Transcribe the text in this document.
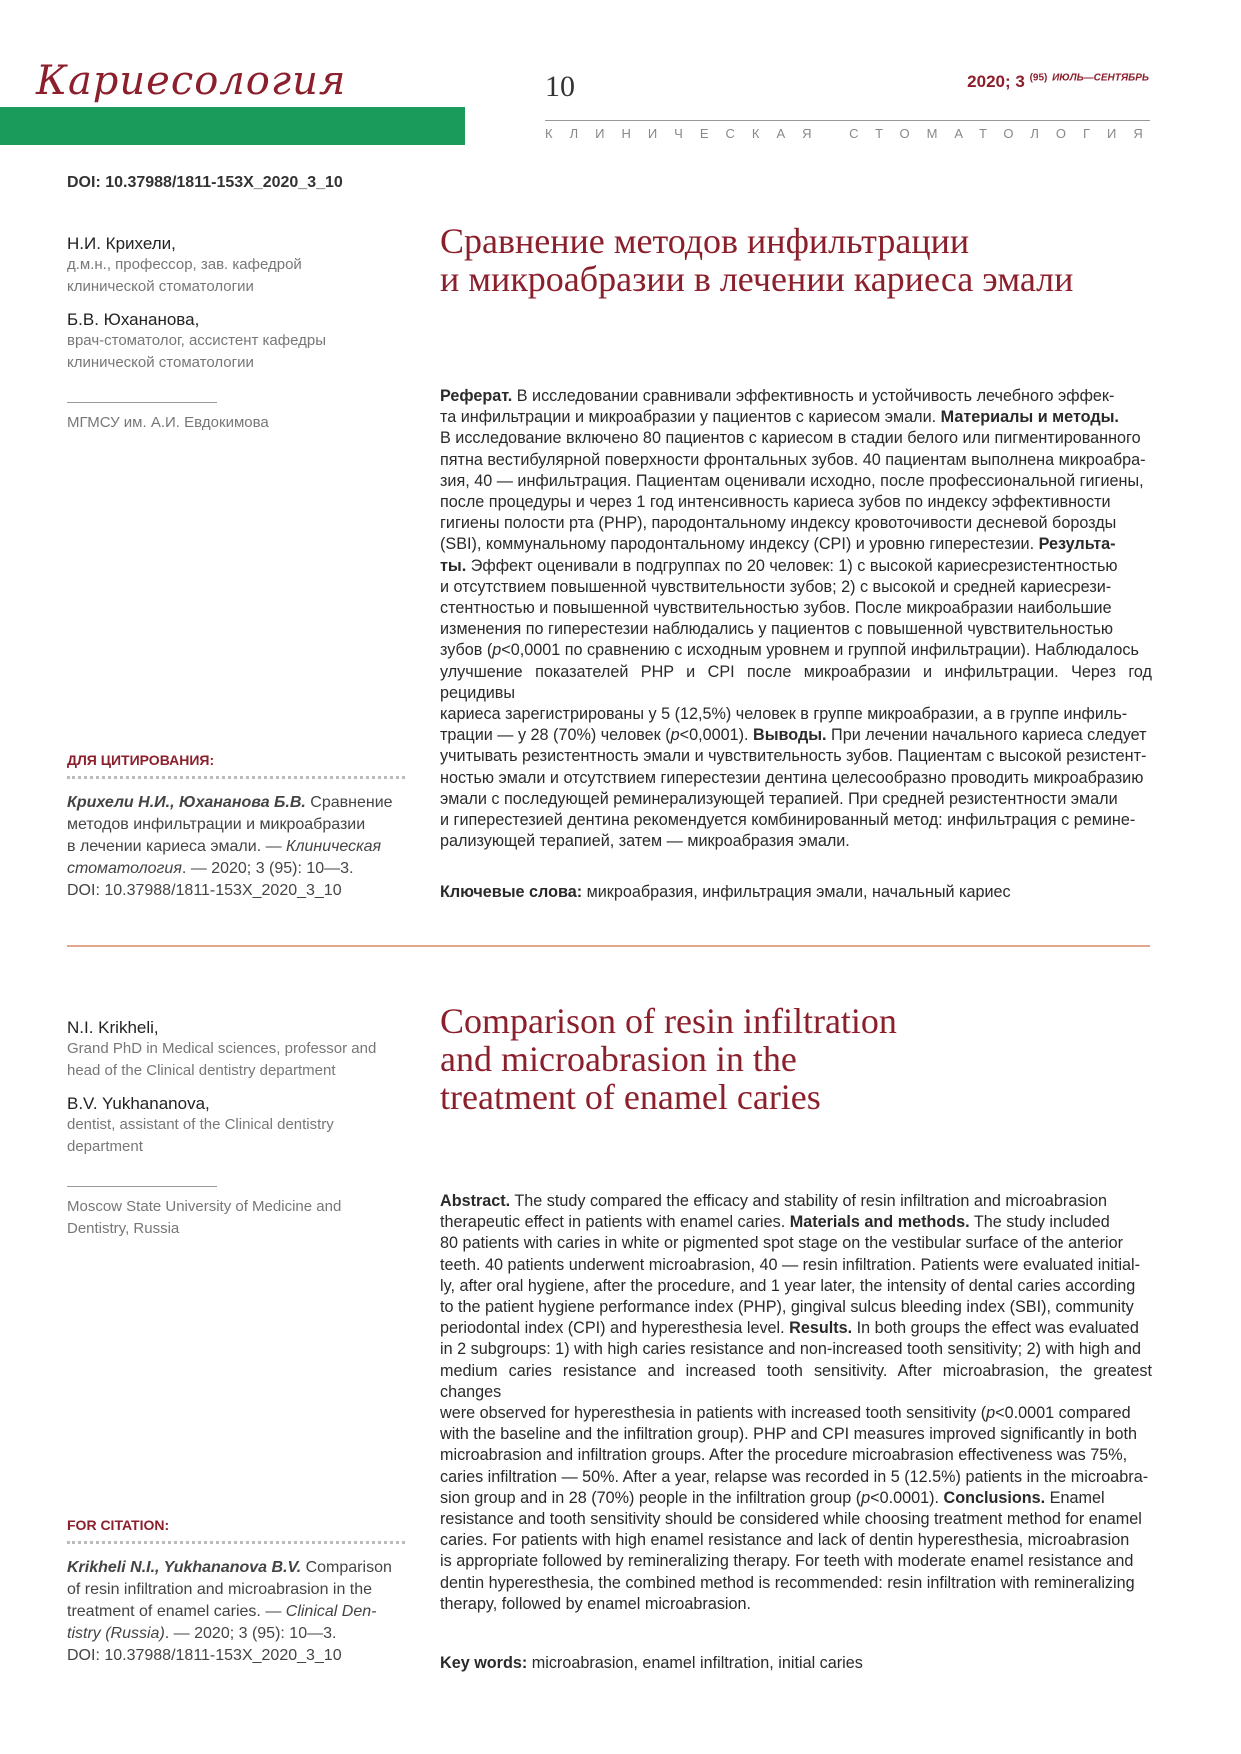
Кариесология	10	2020; 3 $^{(95)}$ $^{ИЮЛЬ—СЕНТЯБРЬ}$
КЛИНИЧЕСКАЯ СТОМАТОЛОГИЯ
DOI: 10.37988/1811-153X_2020_3_10
Н.И. Крихели,
д.м.н., профессор, зав. кафедрой
клинической стоматологии
Б.В. Юхананова,
врач-стоматолог, ассистент кафедры
клинической стоматологии
МГМСУ им. А.И. Евдокимова
Сравнение методов инфильтрации
и микроабразии в лечении кариеса эмали
Реферат. В исследовании сравнивали эффективность и устойчивость лечебного эффек-
та инфильтрации и микроабразии у пациентов с кариесом эмали. Материалы и методы.
В исследование включено 80 пациентов с кариесом в стадии белого или пигментированного
пятна вестибулярной поверхности фронтальных зубов. 40 пациентам выполнена микроабра-
зия, 40 — инфильтрация. Пациентам оценивали исходно, после профессиональной гигиены,
после процедуры и через 1 год интенсивность кариеса зубов по индексу эффективности
гигиены полости рта (PHP), пародонтальному индексу кровоточивости десневой борозды
(SBI), коммунальному пародонтальному индексу (CPI) и уровню гиперестезии. Результа-
ты. Эффект оценивали в подгруппах по 20 человек: 1) с высокой кариесрезистентностью
и отсутствием повышенной чувствительности зубов; 2) с высокой и средней кариесрези-
стентностью и повышенной чувствительностью зубов. После микроабразии наибольшие
изменения по гиперестезии наблюдались у пациентов с повышенной чувствительностью
зубов (p<0,0001 по сравнению с исходным уровнем и группой инфильтрации). Наблюдалось
улучшение показателей PHP и CPI после микроабразии и инфильтрации. Через год рецидивы
кариеса зарегистрированы у 5 (12,5%) человек в группе микроабразии, а в группе инфиль-
трации — у 28 (70%) человек (p<0,0001). Выводы. При лечении начального кариеса следует
учитывать резистентность эмали и чувствительность зубов. Пациентам с высокой резистент-
ностью эмали и отсутствием гиперестезии дентина целесообразно проводить микроабразию
эмали с последующей реминерализующей терапией. При средней резистентности эмали
и гиперестезией дентина рекомендуется комбинированный метод: инфильтрация с ремине-
рализующей терапией, затем — микроабразия эмали.
Ключевые слова: микроабразия, инфильтрация эмали, начальный кариес
ДЛЯ ЦИТИРОВАНИЯ:
Крихели Н.И., Юхананова Б.В. Сравнение
методов инфильтрации и микроабразии
в лечении кариеса эмали. — Клиническая
стоматология. — 2020; 3 (95): 10—3.
DOI: 10.37988/1811-153X_2020_3_10
N.I. Krikheli,
Grand PhD in Medical sciences, professor and
head of the Clinical dentistry department
B.V. Yukhananova,
dentist, assistant of the Clinical dentistry
department
Moscow State University of Medicine and
Dentistry, Russia
Comparison of resin infiltration
and microabrasion in the
treatment of enamel caries
Abstract. The study compared the efficacy and stability of resin infiltration and microabrasion
therapeutic effect in patients with enamel caries. Materials and methods. The study included
80 patients with caries in white or pigmented spot stage on the vestibular surface of the anterior
teeth. 40 patients underwent microabrasion, 40 — resin infiltration. Patients were evaluated initial-
ly, after oral hygiene, after the procedure, and 1 year later, the intensity of dental caries according
to the patient hygiene performance index (PHP), gingival sulcus bleeding index (SBI), community
periodontal index (CPI) and hyperesthesia level. Results. In both groups the effect was evaluated
in 2 subgroups: 1) with high caries resistance and non-increased tooth sensitivity; 2) with high and
medium caries resistance and increased tooth sensitivity. After microabrasion, the greatest changes
were observed for hyperesthesia in patients with increased tooth sensitivity (p<0.0001 compared
with the baseline and the infiltration group). PHP and CPI measures improved significantly in both
microabrasion and infiltration groups. After the procedure microabrasion effectiveness was 75%,
caries infiltration — 50%. After a year, relapse was recorded in 5 (12.5%) patients in the microabra-
sion group and in 28 (70%) people in the infiltration group (p<0.0001). Conclusions. Enamel
resistance and tooth sensitivity should be considered while choosing treatment method for enamel
caries. For patients with high enamel resistance and lack of dentin hyperesthesia, microabrasion
is appropriate followed by remineralizing therapy. For teeth with moderate enamel resistance and
dentin hyperesthesia, the combined method is recommended: resin infiltration with remineralizing
therapy, followed by enamel microabrasion.
Key words: microabrasion, enamel infiltration, initial caries
FOR CITATION:
Krikheli N.I., Yukhananova B.V. Comparison
of resin infiltration and microabrasion in the
treatment of enamel caries. — Clinical Den-
tistry (Russia). — 2020; 3 (95): 10—3.
DOI: 10.37988/1811-153X_2020_3_10
